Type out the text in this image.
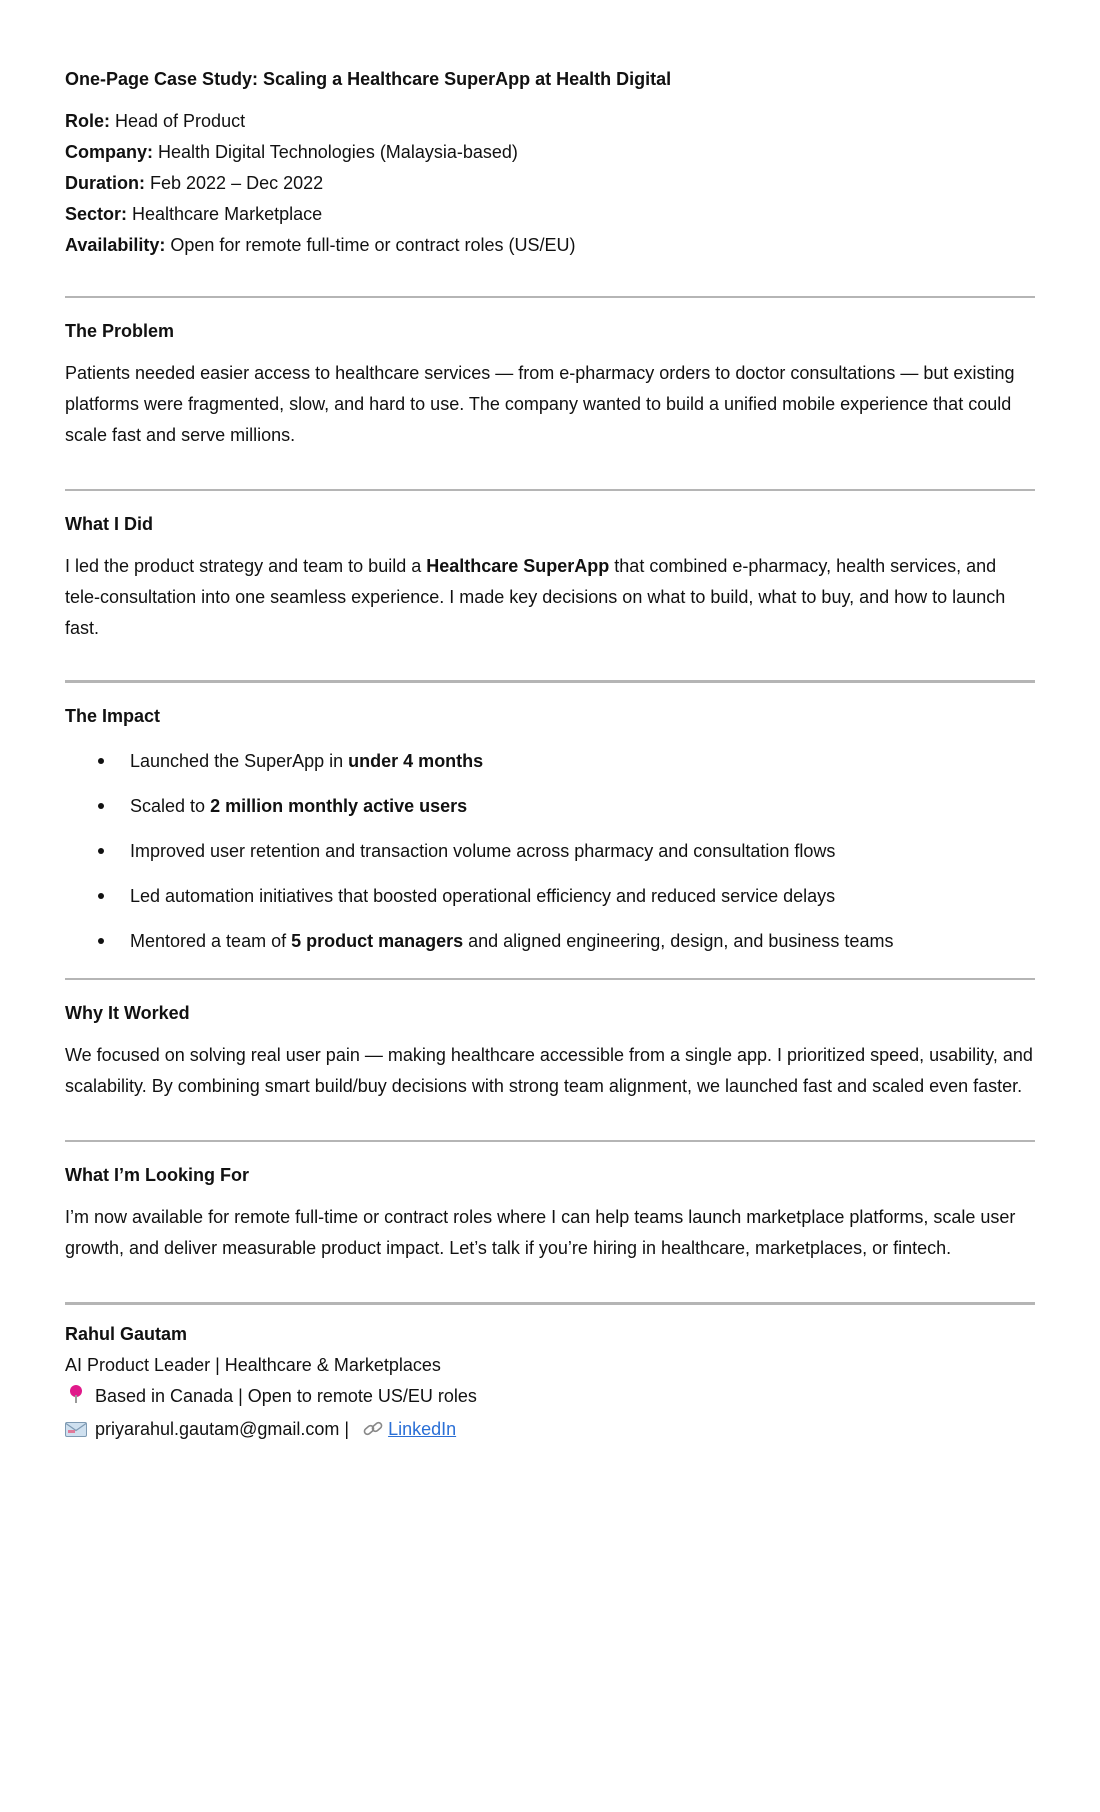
One-Page Case Study: Scaling a Healthcare SuperApp at Health Digital
Role: Head of Product
Company: Health Digital Technologies (Malaysia-based)
Duration: Feb 2022 – Dec 2022
Sector: Healthcare Marketplace
Availability: Open for remote full-time or contract roles (US/EU)
The Problem

Patients needed easier access to healthcare services — from e-pharmacy orders to doctor consultations — but existing platforms were fragmented, slow, and hard to use. The company wanted to build a unified mobile experience that could scale fast and serve millions.

What I Did

I led the product strategy and team to build a Healthcare SuperApp that combined e-pharmacy, health services, and tele-consultation into one seamless experience. I made key decisions on what to build, what to buy, and how to launch fast.

The Impact
Launched the SuperApp in under 4 months
Scaled to 2 million monthly active users
Improved user retention and transaction volume across pharmacy and consultation flows
Led automation initiatives that boosted operational efficiency and reduced service delays
Mentored a team of 5 product managers and aligned engineering, design, and business teams
Why It Worked

We focused on solving real user pain — making healthcare accessible from a single app. I prioritized speed, usability, and scalability. By combining smart build/buy decisions with strong team alignment, we launched fast and scaled even faster.

What I’m Looking For

I’m now available for remote full-time or contract roles where I can help teams launch marketplace platforms, scale user growth, and deliver measurable product impact. Let’s talk if you’re hiring in healthcare, marketplaces, or fintech.

Rahul Gautam
AI Product Leader | Healthcare & Marketplaces
Based in Canada | Open to remote US/EU roles
priyarahul.gautam@gmail.com | LinkedIn
